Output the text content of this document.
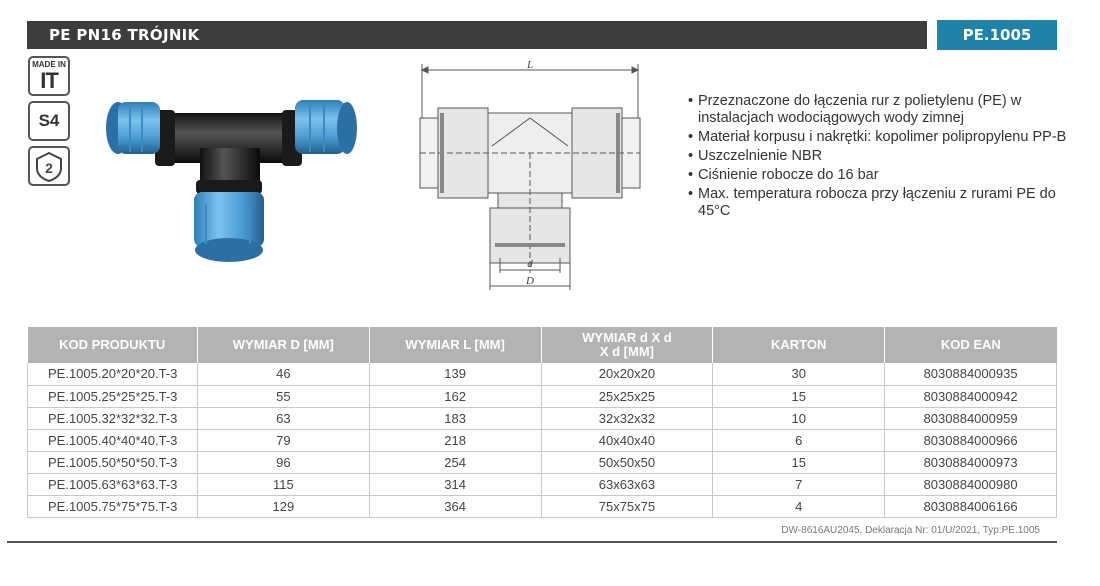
PE PN16 TRÓJNIK	PE.1005
MADE IN
IT
S4
2
L
d
D
• Przeznaczone do łączenia rur z polietylenu (PE) w instalacjach wodociągowych wody zimnej
• Materiał korpusu i nakrętki: kopolimer polipropylenu PP-B
• Uszczelnienie NBR
• Ciśnienie robocze do 16 bar
• Max. temperatura robocza przy łączeniu z rurami PE do 45°C
KOD PRODUKTU	WYMIAR D [MM]	WYMIAR L [MM]	WYMIAR d X d
X d [MM]	KARTON	KOD EAN
PE.1005.20*20*20.T-3	46	139	20x20x20	30	8030884000935
PE.1005.25*25*25.T-3	55	162	25x25x25	15	8030884000942
PE.1005.32*32*32.T-3	63	183	32x32x32	10	8030884000959
PE.1005.40*40*40.T-3	79	218	40x40x40	6	8030884000966
PE.1005.50*50*50.T-3	96	254	50x50x50	15	8030884000973
PE.1005.63*63*63.T-3	115	314	63x63x63	7	8030884000980
PE.1005.75*75*75.T-3	129	364	75x75x75	4	8030884006166
DW-8616AU2045, Deklaracja Nr: 01/U/2021, Typ:PE.1005
